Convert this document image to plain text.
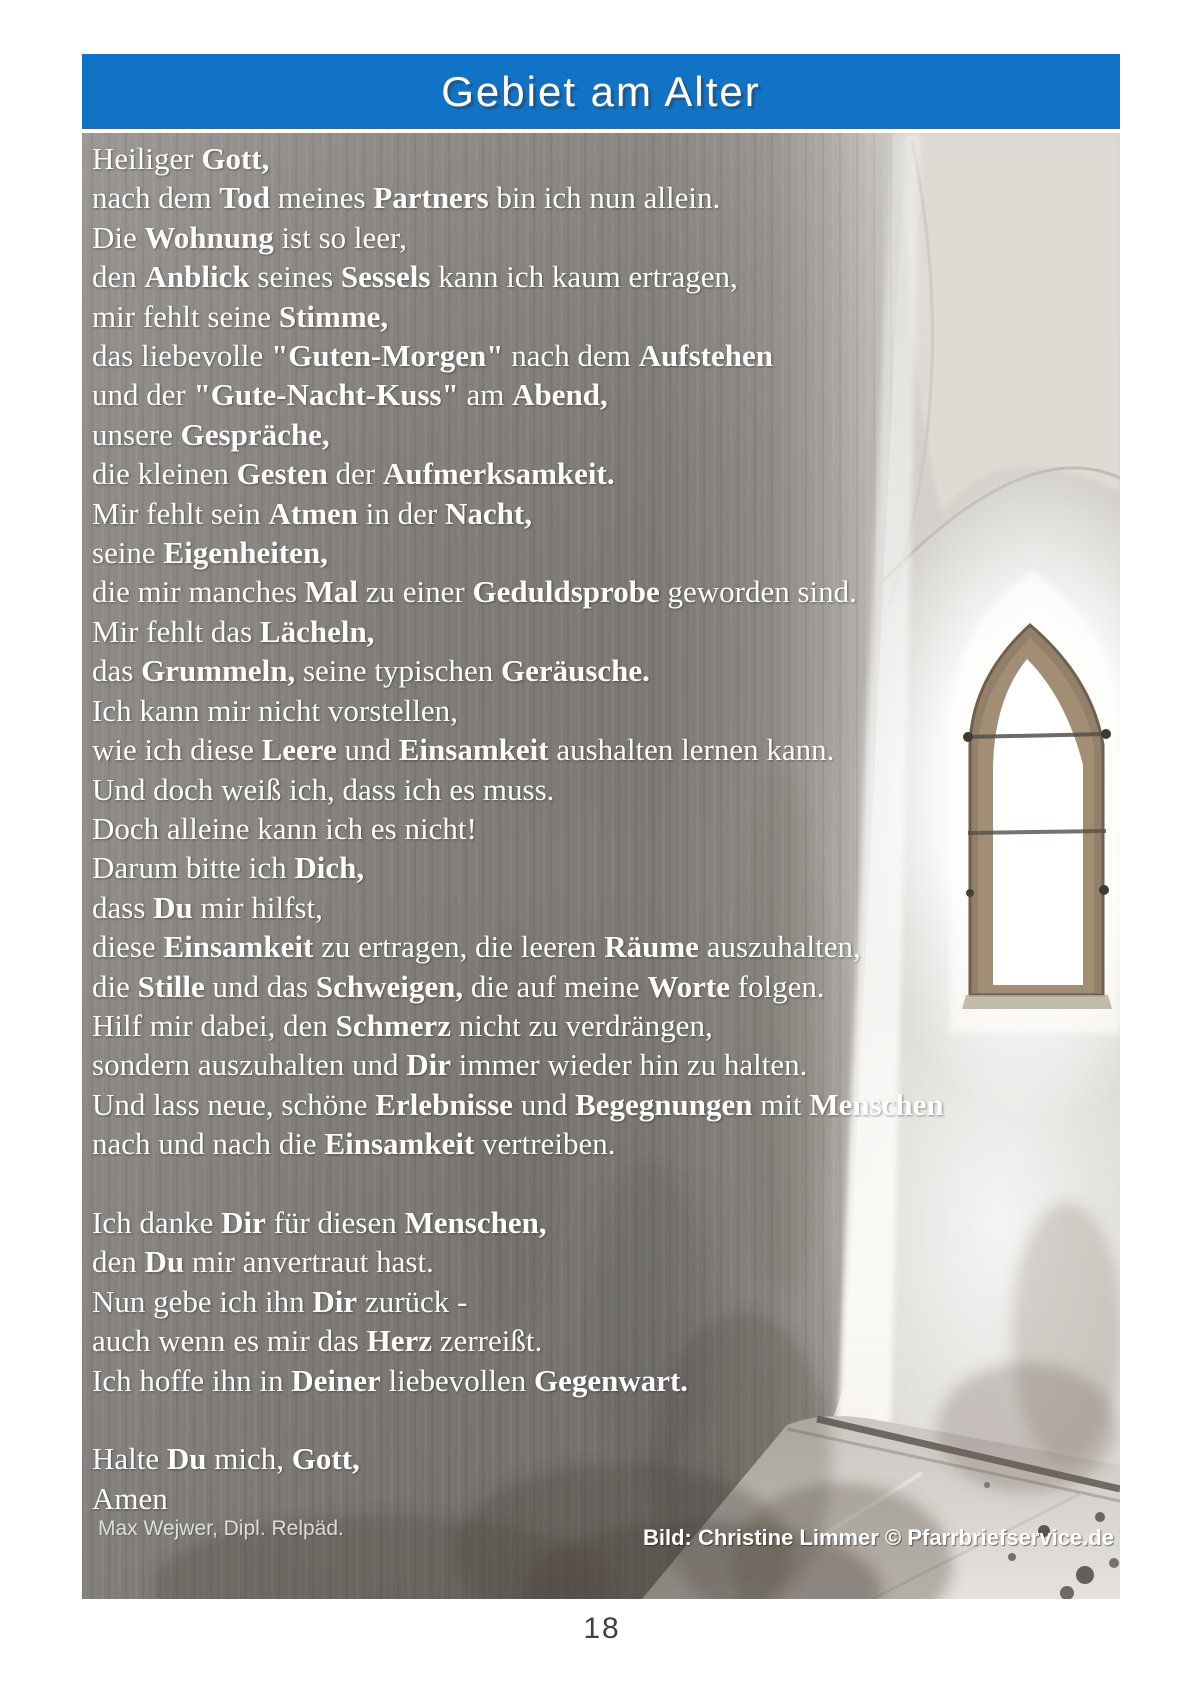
Gebiet am Alter
Heiliger Gott,
nach dem Tod meines Partners bin ich nun allein.
Die Wohnung ist so leer,
den Anblick seines Sessels kann ich kaum ertragen,
mir fehlt seine Stimme,
das liebevolle "Guten-Morgen" nach dem Aufstehen
und der "Gute-Nacht-Kuss" am Abend,
unsere Gespräche,
die kleinen Gesten der Aufmerksamkeit.
Mir fehlt sein Atmen in der Nacht,
seine Eigenheiten,
die mir manches Mal zu einer Geduldsprobe geworden sind.
Mir fehlt das Lächeln,
das Grummeln, seine typischen Geräusche.
Ich kann mir nicht vorstellen,
wie ich diese Leere und Einsamkeit aushalten lernen kann.
Und doch weiß ich, dass ich es muss.
Doch alleine kann ich es nicht!
Darum bitte ich Dich,
dass Du mir hilfst,
diese Einsamkeit zu ertragen, die leeren Räume auszuhalten,
die Stille und das Schweigen, die auf meine Worte folgen.
Hilf mir dabei, den Schmerz nicht zu verdrängen,
sondern auszuhalten und Dir immer wieder hin zu halten.
Und lass neue, schöne Erlebnisse und Begegnungen mit Menschen
nach und nach die Einsamkeit vertreiben.

Ich danke Dir für diesen Menschen,
den Du mir anvertraut hast.
Nun gebe ich ihn Dir zurück -
auch wenn es mir das Herz zerreißt.
Ich hoffe ihn in Deiner liebevollen Gegenwart.

Halte Du mich, Gott,
Amen
Max Wejwer, Dipl. Relpäd.	Bild: Christine Limmer © Pfarrbriefservice.de
18
